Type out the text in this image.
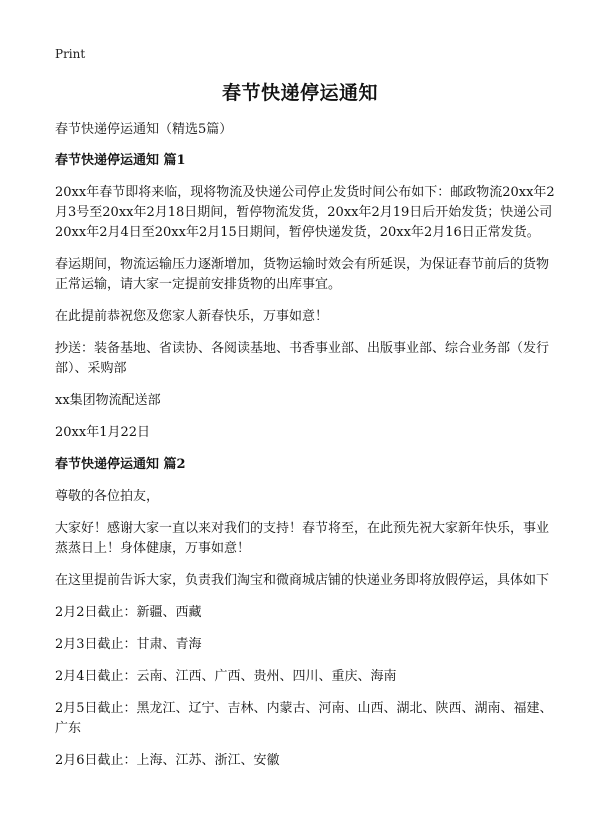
Print
春节快递停运通知

春节快递停运通知（精选5篇）

春节快递停运通知 篇1

20xx年春节即将来临，现将物流及快递公司停止发货时间公布如下：邮政物流20xx年2月3号至20xx年2月18日期间，暂停物流发货，20xx年2月19日后开始发货；快递公司20xx年2月4日至20xx年2月15日期间，暂停快递发货，20xx年2月16日正常发货。

春运期间，物流运输压力逐渐增加，货物运输时效会有所延误，为保证春节前后的货物正常运输，请大家一定提前安排货物的出库事宜。

在此提前恭祝您及您家人新春快乐，万事如意！

抄送：装备基地、省读协、各阅读基地、书香事业部、出版事业部、综合业务部（发行部）、采购部

xx集团物流配送部

20xx年1月22日

春节快递停运通知 篇2

尊敬的各位拍友，

大家好！感谢大家一直以来对我们的支持！春节将至，在此预先祝大家新年快乐，事业蒸蒸日上！身体健康，万事如意！

在这里提前告诉大家，负责我们淘宝和微商城店铺的快递业务即将放假停运，具体如下

2月2日截止：新疆、西藏

2月3日截止：甘肃、青海

2月4日截止：云南、江西、广西、贵州、四川、重庆、海南

2月5日截止：黑龙江、辽宁、吉林、内蒙古、河南、山西、湖北、陕西、湖南、福建、广东

2月6日截止：上海、江苏、浙江、安徽
